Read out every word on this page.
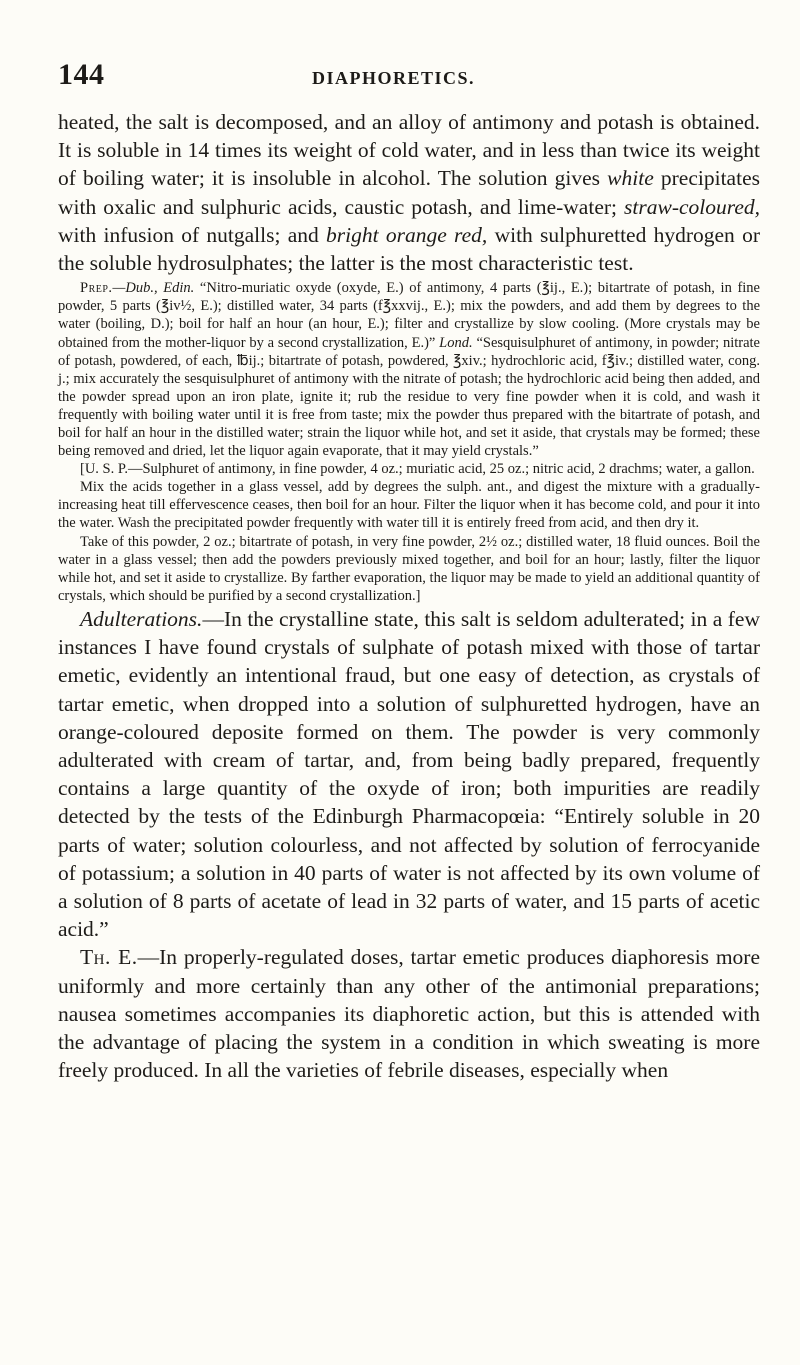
144	DIAPHORETICS.

heated, the salt is decomposed, and an alloy of antimony and potash is obtained. It is soluble in 14 times its weight of cold water, and in less than twice its weight of boiling water; it is insoluble in alcohol. The solution gives white precipitates with oxalic and sulphuric acids, caustic potash, and lime-water; straw-coloured, with infusion of nutgalls; and bright orange red, with sulphuretted hydrogen or the soluble hydrosulphates; the latter is the most characteristic test.

Prep.—Dub., Edin. “Nitro-muriatic oxyde (oxyde, E.) of antimony, 4 parts (℥ij., E.); bitartrate of potash, in fine powder, 5 parts (℥iv½, E.); distilled water, 34 parts (f℥xxvij., E.); mix the powders, and add them by degrees to the water (boiling, D.); boil for half an hour (an hour, E.); filter and crystallize by slow cooling. (More crystals may be obtained from the mother-liquor by a second crystallization, E.)” Lond. “Sesquisulphuret of antimony, in powder; nitrate of potash, powdered, of each, ℔ij.; bitartrate of potash, powdered, ℥xiv.; hydrochloric acid, f℥iv.; distilled water, cong. j.; mix accurately the sesquisulphuret of antimony with the nitrate of potash; the hydrochloric acid being then added, and the powder spread upon an iron plate, ignite it; rub the residue to very fine powder when it is cold, and wash it frequently with boiling water until it is free from taste; mix the powder thus prepared with the bitartrate of potash, and boil for half an hour in the distilled water; strain the liquor while hot, and set it aside, that crystals may be formed; these being removed and dried, let the liquor again evaporate, that it may yield crystals.”

[U. S. P.—Sulphuret of antimony, in fine powder, 4 oz.; muriatic acid, 25 oz.; nitric acid, 2 drachms; water, a gallon.

Mix the acids together in a glass vessel, add by degrees the sulph. ant., and digest the mixture with a gradually-increasing heat till effervescence ceases, then boil for an hour. Filter the liquor when it has become cold, and pour it into the water. Wash the precipitated powder frequently with water till it is entirely freed from acid, and then dry it.

Take of this powder, 2 oz.; bitartrate of potash, in very fine powder, 2½ oz.; distilled water, 18 fluid ounces. Boil the water in a glass vessel; then add the powders previously mixed together, and boil for an hour; lastly, filter the liquor while hot, and set it aside to crystallize. By farther evaporation, the liquor may be made to yield an additional quantity of crystals, which should be purified by a second crystallization.]

Adulterations.—In the crystalline state, this salt is seldom adulterated; in a few instances I have found crystals of sulphate of potash mixed with those of tartar emetic, evidently an intentional fraud, but one easy of detection, as crystals of tartar emetic, when dropped into a solution of sulphuretted hydrogen, have an orange-coloured deposite formed on them. The powder is very commonly adulterated with cream of tartar, and, from being badly prepared, frequently contains a large quantity of the oxyde of iron; both impurities are readily detected by the tests of the Edinburgh Pharmacopœia: “Entirely soluble in 20 parts of water; solution colourless, and not affected by solution of ferrocyanide of potassium; a solution in 40 parts of water is not affected by its own volume of a solution of 8 parts of acetate of lead in 32 parts of water, and 15 parts of acetic acid.”

Th. E.—In properly-regulated doses, tartar emetic produces diaphoresis more uniformly and more certainly than any other of the antimonial preparations; nausea sometimes accompanies its diaphoretic action, but this is attended with the advantage of placing the system in a condition in which sweating is more freely produced. In all the varieties of febrile diseases, especially when
